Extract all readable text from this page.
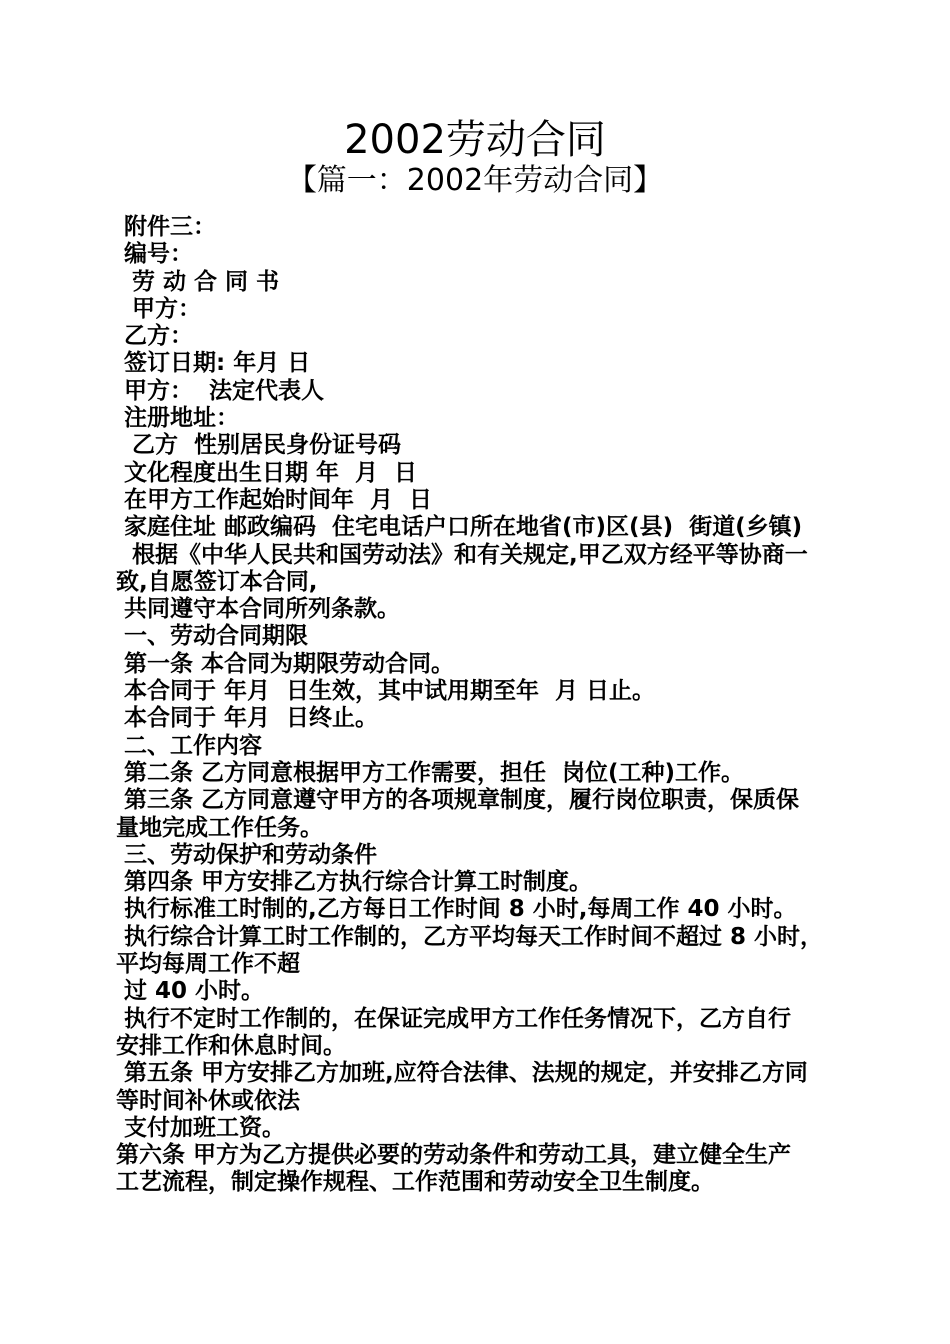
2002劳动合同
【篇一：2002年劳动合同】
附件三：
编号：
劳 动 合 同 书
甲方：
乙方：
签订日期: 年月 日
甲方：  法定代表人
注册地址：
乙方  性别居民身份证号码
文化程度出生日期 年  月  日
在甲方工作起始时间年  月  日
家庭住址 邮政编码  住宅电话户口所在地省(市)区(县)  街道(乡镇)
根据《中华人民共和国劳动法》和有关规定,甲乙双方经平等协商一
致,自愿签订本合同,
共同遵守本合同所列条款。
一、劳动合同期限
第一条 本合同为期限劳动合同。
本合同于 年月  日生效，其中试用期至年  月 日止。
本合同于 年月  日终止。
二、工作内容
第二条 乙方同意根据甲方工作需要，担任  岗位(工种)工作。
第三条 乙方同意遵守甲方的各项规章制度，履行岗位职责，保质保
量地完成工作任务。
三、劳动保护和劳动条件
第四条 甲方安排乙方执行综合计算工时制度。
执行标准工时制的,乙方每日工作时间 8 小时,每周工作 40 小时。
执行综合计算工时工作制的，乙方平均每天工作时间不超过 8 小时，
平均每周工作不超
过 40 小时。
执行不定时工作制的，在保证完成甲方工作任务情况下，乙方自行
安排工作和休息时间。
第五条 甲方安排乙方加班,应符合法律、法规的规定，并安排乙方同
等时间补休或依法
支付加班工资。
第六条 甲方为乙方提供必要的劳动条件和劳动工具，建立健全生产
工艺流程，制定操作规程、工作范围和劳动安全卫生制度。
